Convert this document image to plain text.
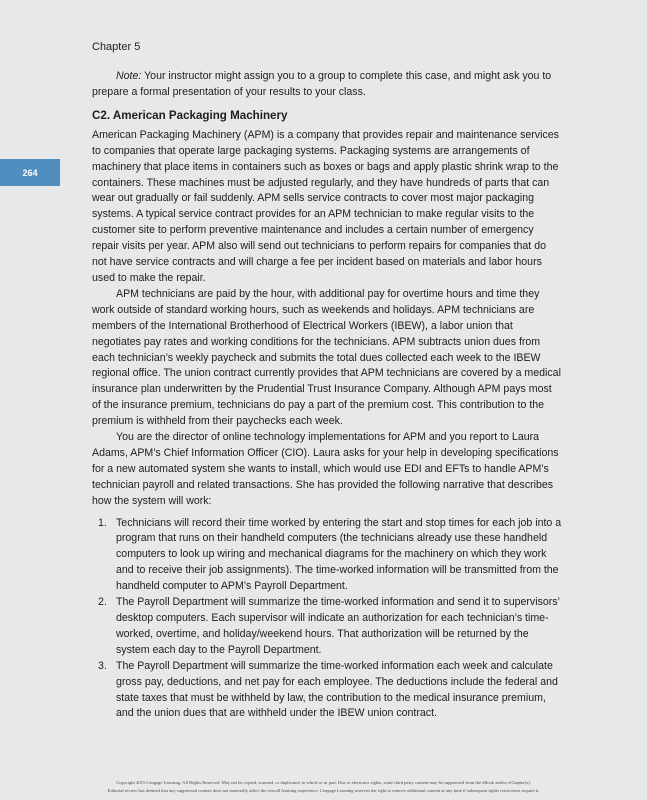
Chapter 5
264

Note: Your instructor might assign you to a group to complete this case, and might ask you to prepare a formal presentation of your results to your class.

C2. American Packaging Machinery

American Packaging Machinery (APM) is a company that provides repair and maintenance services to companies that operate large packaging systems. Packaging systems are arrangements of machinery that place items in containers such as boxes or bags and apply plastic shrink wrap to the containers. These machines must be adjusted regularly, and they have hundreds of parts that can wear out gradually or fail suddenly. APM sells service contracts to cover most major packaging systems. A typical service contract provides for an APM technician to make regular visits to the customer site to perform preventive maintenance and includes a certain number of emergency repair visits per year. APM also will send out technicians to perform repairs for companies that do not have service contracts and will charge a fee per incident based on materials and labor hours used to make the repair.

APM technicians are paid by the hour, with additional pay for overtime hours and time they work outside of standard working hours, such as weekends and holidays. APM technicians are members of the International Brotherhood of Electrical Workers (IBEW), a labor union that negotiates pay rates and working conditions for the technicians. APM subtracts union dues from each technician’s weekly paycheck and submits the total dues collected each week to the IBEW regional office. The union contract currently provides that APM technicians are covered by a medical insurance plan underwritten by the Prudential Trust Insurance Company. Although APM pays most of the insurance premium, technicians do pay a part of the premium cost. This contribution to the premium is withheld from their paychecks each week.

You are the director of online technology implementations for APM and you report to Laura Adams, APM’s Chief Information Officer (CIO). Laura asks for your help in developing specifications for a new automated system she wants to install, which would use EDI and EFTs to handle APM’s technician payroll and related transactions. She has provided the following narrative that describes how the system will work:

1. Technicians will record their time worked by entering the start and stop times for each job into a program that runs on their handheld computers (the technicians already use these handheld computers to look up wiring and mechanical diagrams for the machinery on which they work and to receive their job assignments). The time-worked information will be transmitted from the handheld computer to APM’s Payroll Department.
2. The Payroll Department will summarize the time-worked information and send it to supervisors’ desktop computers. Each supervisor will indicate an authorization for each technician’s time-worked, overtime, and holiday/weekend hours. That authorization will be returned by the system each day to the Payroll Department.
3. The Payroll Department will summarize the time-worked information each week and calculate gross pay, deductions, and net pay for each employee. The deductions include the federal and state taxes that must be withheld by law, the contribution to the medical insurance premium, and the union dues that are withheld under the IBEW union contract.
Copyright 2015 Cengage Learning. All Rights Reserved. May not be copied, scanned, or duplicated, in whole or in part. Due to electronic rights, some third party content may be suppressed from the eBook and/or eChapter(s).
Editorial review has deemed that any suppressed content does not materially affect the overall learning experience. Cengage Learning reserves the right to remove additional content at any time if subsequent rights restrictions require it.
